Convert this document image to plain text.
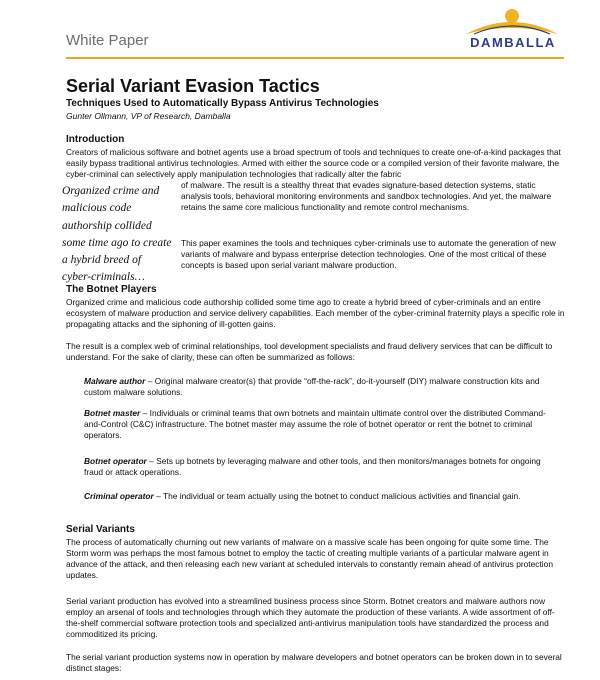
White Paper	DAMBALLA
Serial Variant Evasion Tactics
Techniques Used to Automatically Bypass Antivirus Technologies
Gunter Ollmann, VP of Research, Damballa
Introduction

Creators of malicious software and botnet agents use a broad spectrum of tools and techniques to create one-of-a-kind packages that easily bypass traditional antivirus technologies. Armed with either the source code or a compiled version of their favorite malware, the cyber-criminal can selectively apply manipulation technologies that radically alter the fabric

of malware. The result is a stealthy threat that evades signature-based detection systems, static analysis tools, behavioral monitoring environments and sandbox technologies. And yet, the malware retains the same core malicious functionality and remote control mechanisms.

This paper examines the tools and techniques cyber-criminals use to automate the generation of new variants of malware and bypass enterprise detection technologies. One of the most critical of these concepts is based upon serial variant malware production.

Organized crime and malicious code authorship collided some time ago to create a hybrid breed of cyber-criminals…
The Botnet Players

Organized crime and malicious code authorship collided some time ago to create a hybrid breed of cyber-criminals and an entire ecosystem of malware production and service delivery capabilities. Each member of the cyber-criminal fraternity plays a specific role in propagating attacks and the siphoning of ill-gotten gains.

The result is a complex web of criminal relationships, tool development specialists and fraud delivery services that can be difficult to understand. For the sake of clarity, these can often be summarized as follows:

Malware author – Original malware creator(s) that provide “off-the-rack”, do-it-yourself (DIY) malware construction kits and custom malware solutions.

Botnet master – Individuals or criminal teams that own botnets and maintain ultimate control over the distributed Command-and-Control (C&C) infrastructure. The botnet master may assume the role of botnet operator or rent the botnet to criminal operators.

Botnet operator – Sets up botnets by leveraging malware and other tools, and then monitors/manages botnets for ongoing fraud or attack operations.

Criminal operator – The individual or team actually using the botnet to conduct malicious activities and financial gain.

Serial Variants

The process of automatically churning out new variants of malware on a massive scale has been ongoing for quite some time. The Storm worm was perhaps the most famous botnet to employ the tactic of creating multiple variants of a particular malware agent in advance of the attack, and then releasing each new variant at scheduled intervals to constantly remain ahead of antivirus protection updates.

Serial variant production has evolved into a streamlined business process since Storm. Botnet creators and malware authors now employ an arsenal of tools and technologies through which they automate the production of these variants. A wide assortment of off-the-shelf commercial software protection tools and specialized anti-antivirus manipulation tools have standardized the process and commoditized its pricing.

The serial variant production systems now in operation by malware developers and botnet operators can be broken down in to several distinct stages:
